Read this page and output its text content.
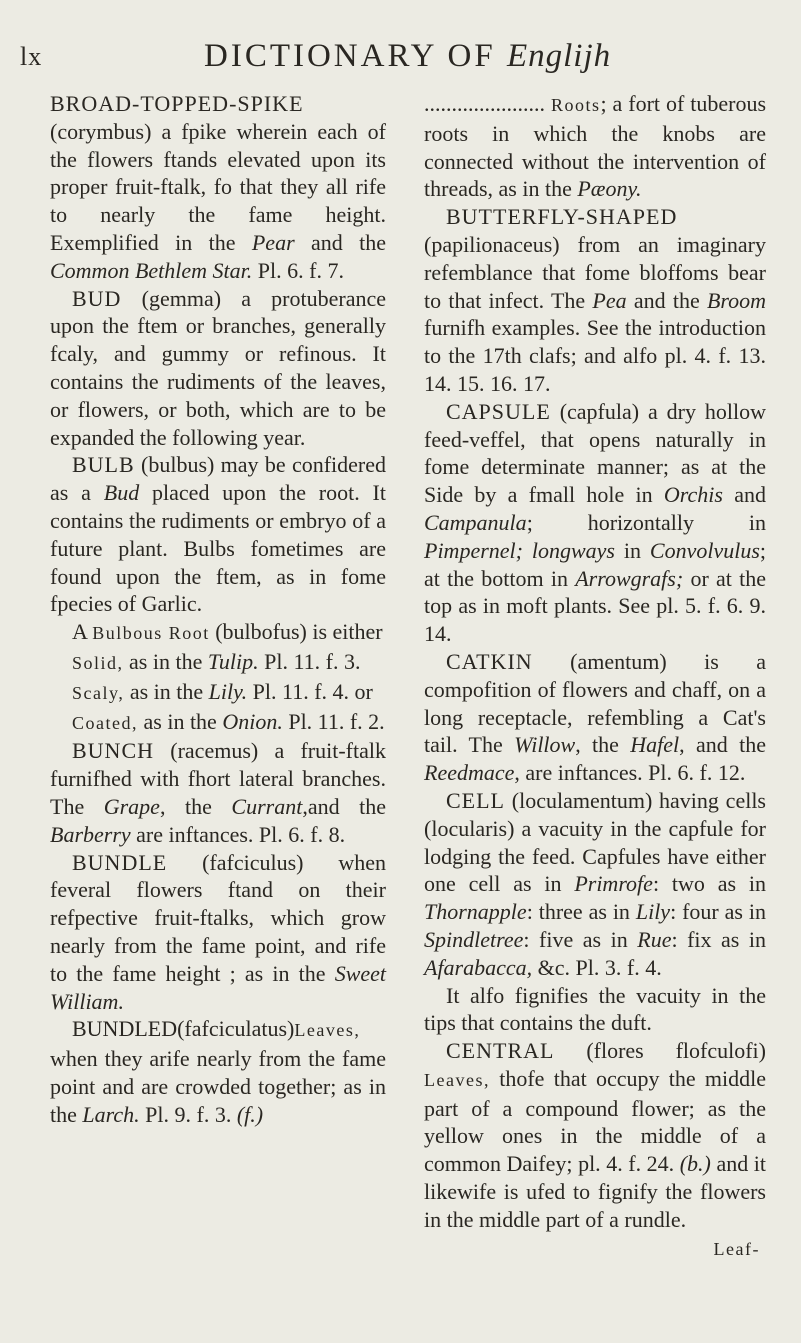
lx	DICTIONARY OF Englijh

BROAD-TOPPED-SPIKE (corymbus) a fpike wherein each of the flowers ftands elevated upon its proper fruit-ftalk, fo that they all rife to nearly the fame height. Exemplified in the Pear and the Common Bethlem Star. Pl. 6. f. 7.

BUD (gemma) a protuberance upon the ftem or branches, generally fcaly, and gummy or refinous. It contains the rudiments of the leaves, or flowers, or both, which are to be expanded the following year.

BULB (bulbus) may be confidered as a Bud placed upon the root. It contains the rudiments or embryo of a future plant. Bulbs fometimes are found upon the ftem, as in fome fpecies of Garlic.

A Bulbous Root (bulbofus) is either

Solid, as in the Tulip. Pl. 11. f. 3.

Scaly, as in the Lily. Pl. 11. f. 4. or

Coated, as in the Onion. Pl. 11. f. 2.

BUNCH (racemus) a fruit-ftalk furnifhed with fhort lateral branches. The Grape, the Currant,and the Barberry are inftances. Pl. 6. f. 8.

BUNDLE (fafciculus) when feveral flowers ftand on their refpective fruit-ftalks, which grow nearly from the fame point, and rife to the fame height ; as in the Sweet William.

BUNDLED(fafciculatus)Leaves, when they arife nearly from the fame point and are crowded together; as in the Larch. Pl. 9. f. 3. (f.)

...................... Roots; a fort of tuberous roots in which the knobs are connected without the intervention of threads, as in the Pæony.

BUTTERFLY-SHAPED (papilionaceus) from an imaginary refemblance that fome bloffoms bear to that infect. The Pea and the Broom furnifh examples. See the introduction to the 17th clafs; and alfo pl. 4. f. 13. 14. 15. 16. 17.

CAPSULE (capfula) a dry hollow feed-veffel, that opens naturally in fome determinate manner; as at the Side by a fmall hole in Orchis and Campanula; horizontally in Pimpernel; longways in Convolvulus; at the bottom in Arrowgrafs; or at the top as in moft plants. See pl. 5. f. 6. 9. 14.

CATKIN (amentum) is a compofition of flowers and chaff, on a long receptacle, refembling a Cat's tail. The Willow, the Hafel, and the Reedmace, are inftances. Pl. 6. f. 12.

CELL (loculamentum) having cells (locularis) a vacuity in the capfule for lodging the feed. Capfules have either one cell as in Primrofe: two as in Thornapple: three as in Lily: four as in Spindletree: five as in Rue: fix as in Afarabacca, &c. Pl. 3. f. 4.

It alfo fignifies the vacuity in the tips that contains the duft.

CENTRAL (flores flofculofi) Leaves, thofe that occupy the middle part of a compound flower; as the yellow ones in the middle of a common Daifey; pl. 4. f. 24. (b.) and it likewife is ufed to fignify the flowers in the middle part of a rundle.

Leaf-
